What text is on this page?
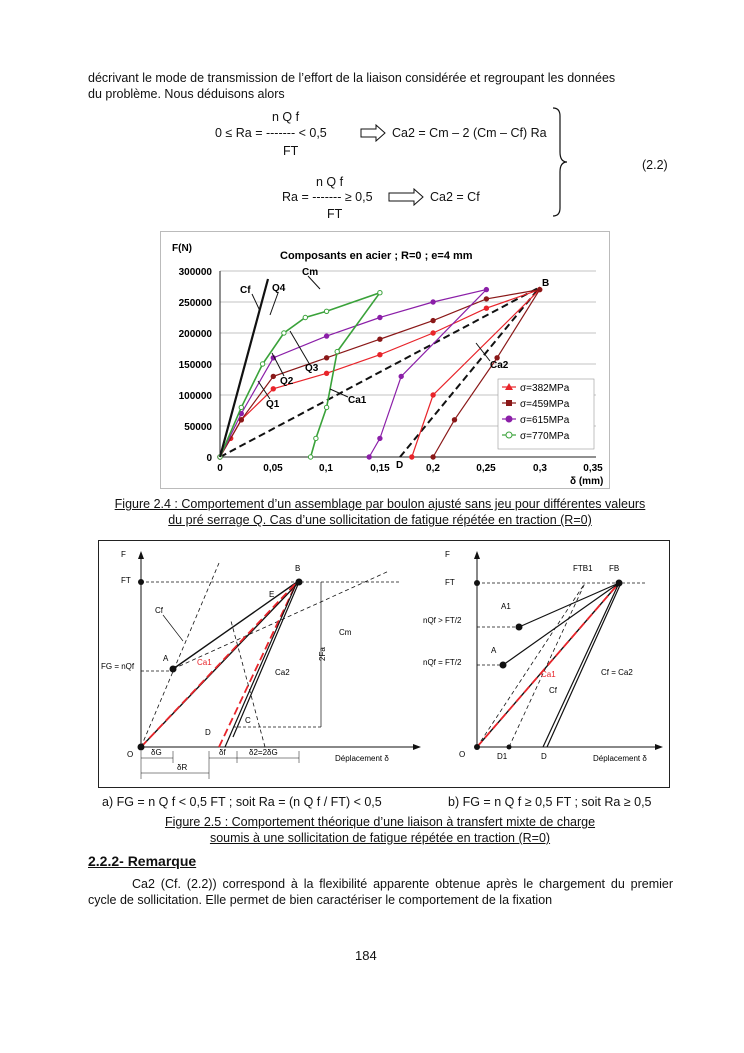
décrivant le mode de transmission de l’effort de la liaison considérée et regroupant les données
du problème. Nous déduisons alors
n Q f
0 ≤ Ra = ------- < 0,5
FT
Ca2 = Cm – 2 (Cm – Cf) Ra
n Q f
Ra = ------- ≥ 0,5
FT
Ca2 = Cf
(2.2)
F(N)
Composants en acier ; R=0 ; e=4 mm
300000
250000
200000
150000
100000
50000
0
0	0,05	0,1	0,15	0,2	0,25	0,3	0,35
δ (mm)
Cf
Cm
Q4
Q3
Q2
Q1	Ca1
Ca2
B
D
σ=382MPa
σ=459MPa
σ=615MPa
σ=770MPa
Figure 2.4 : Comportement d’un assemblage par boulon ajusté sans jeu pour différentes valeurs
du pré serrage Q. Cas d’une sollicitation de fatigue répétée en traction (R=0)
F
FT
B
E
Cf
Cm
A	Ca1
Ca2
FG = nQf
O
D
C
2Fa
δG
δR
δf	δ2=2δG
Déplacement δ
F
FT
FTB1 FB
A1
A
nQf > FT/2
nQf = FT/2
Ca1
Cf
Cf = Ca2
O	D1	D	Déplacement δ
a) FG = n Q f < 0,5 FT ; soit Ra = (n Q f / FT) < 0,5	b) FG = n Q f ≥ 0,5 FT ; soit Ra ≥ 0,5
Figure 2.5 : Comportement théorique d’une liaison à transfert mixte de charge
soumis à une sollicitation de fatigue répétée en traction (R=0)
2.2.2- Remarque
Ca2 (Cf. (2.2)) correspond à la flexibilité apparente obtenue après le chargement du premier cycle de sollicitation. Elle permet de bien caractériser le comportement de la fixation
184
